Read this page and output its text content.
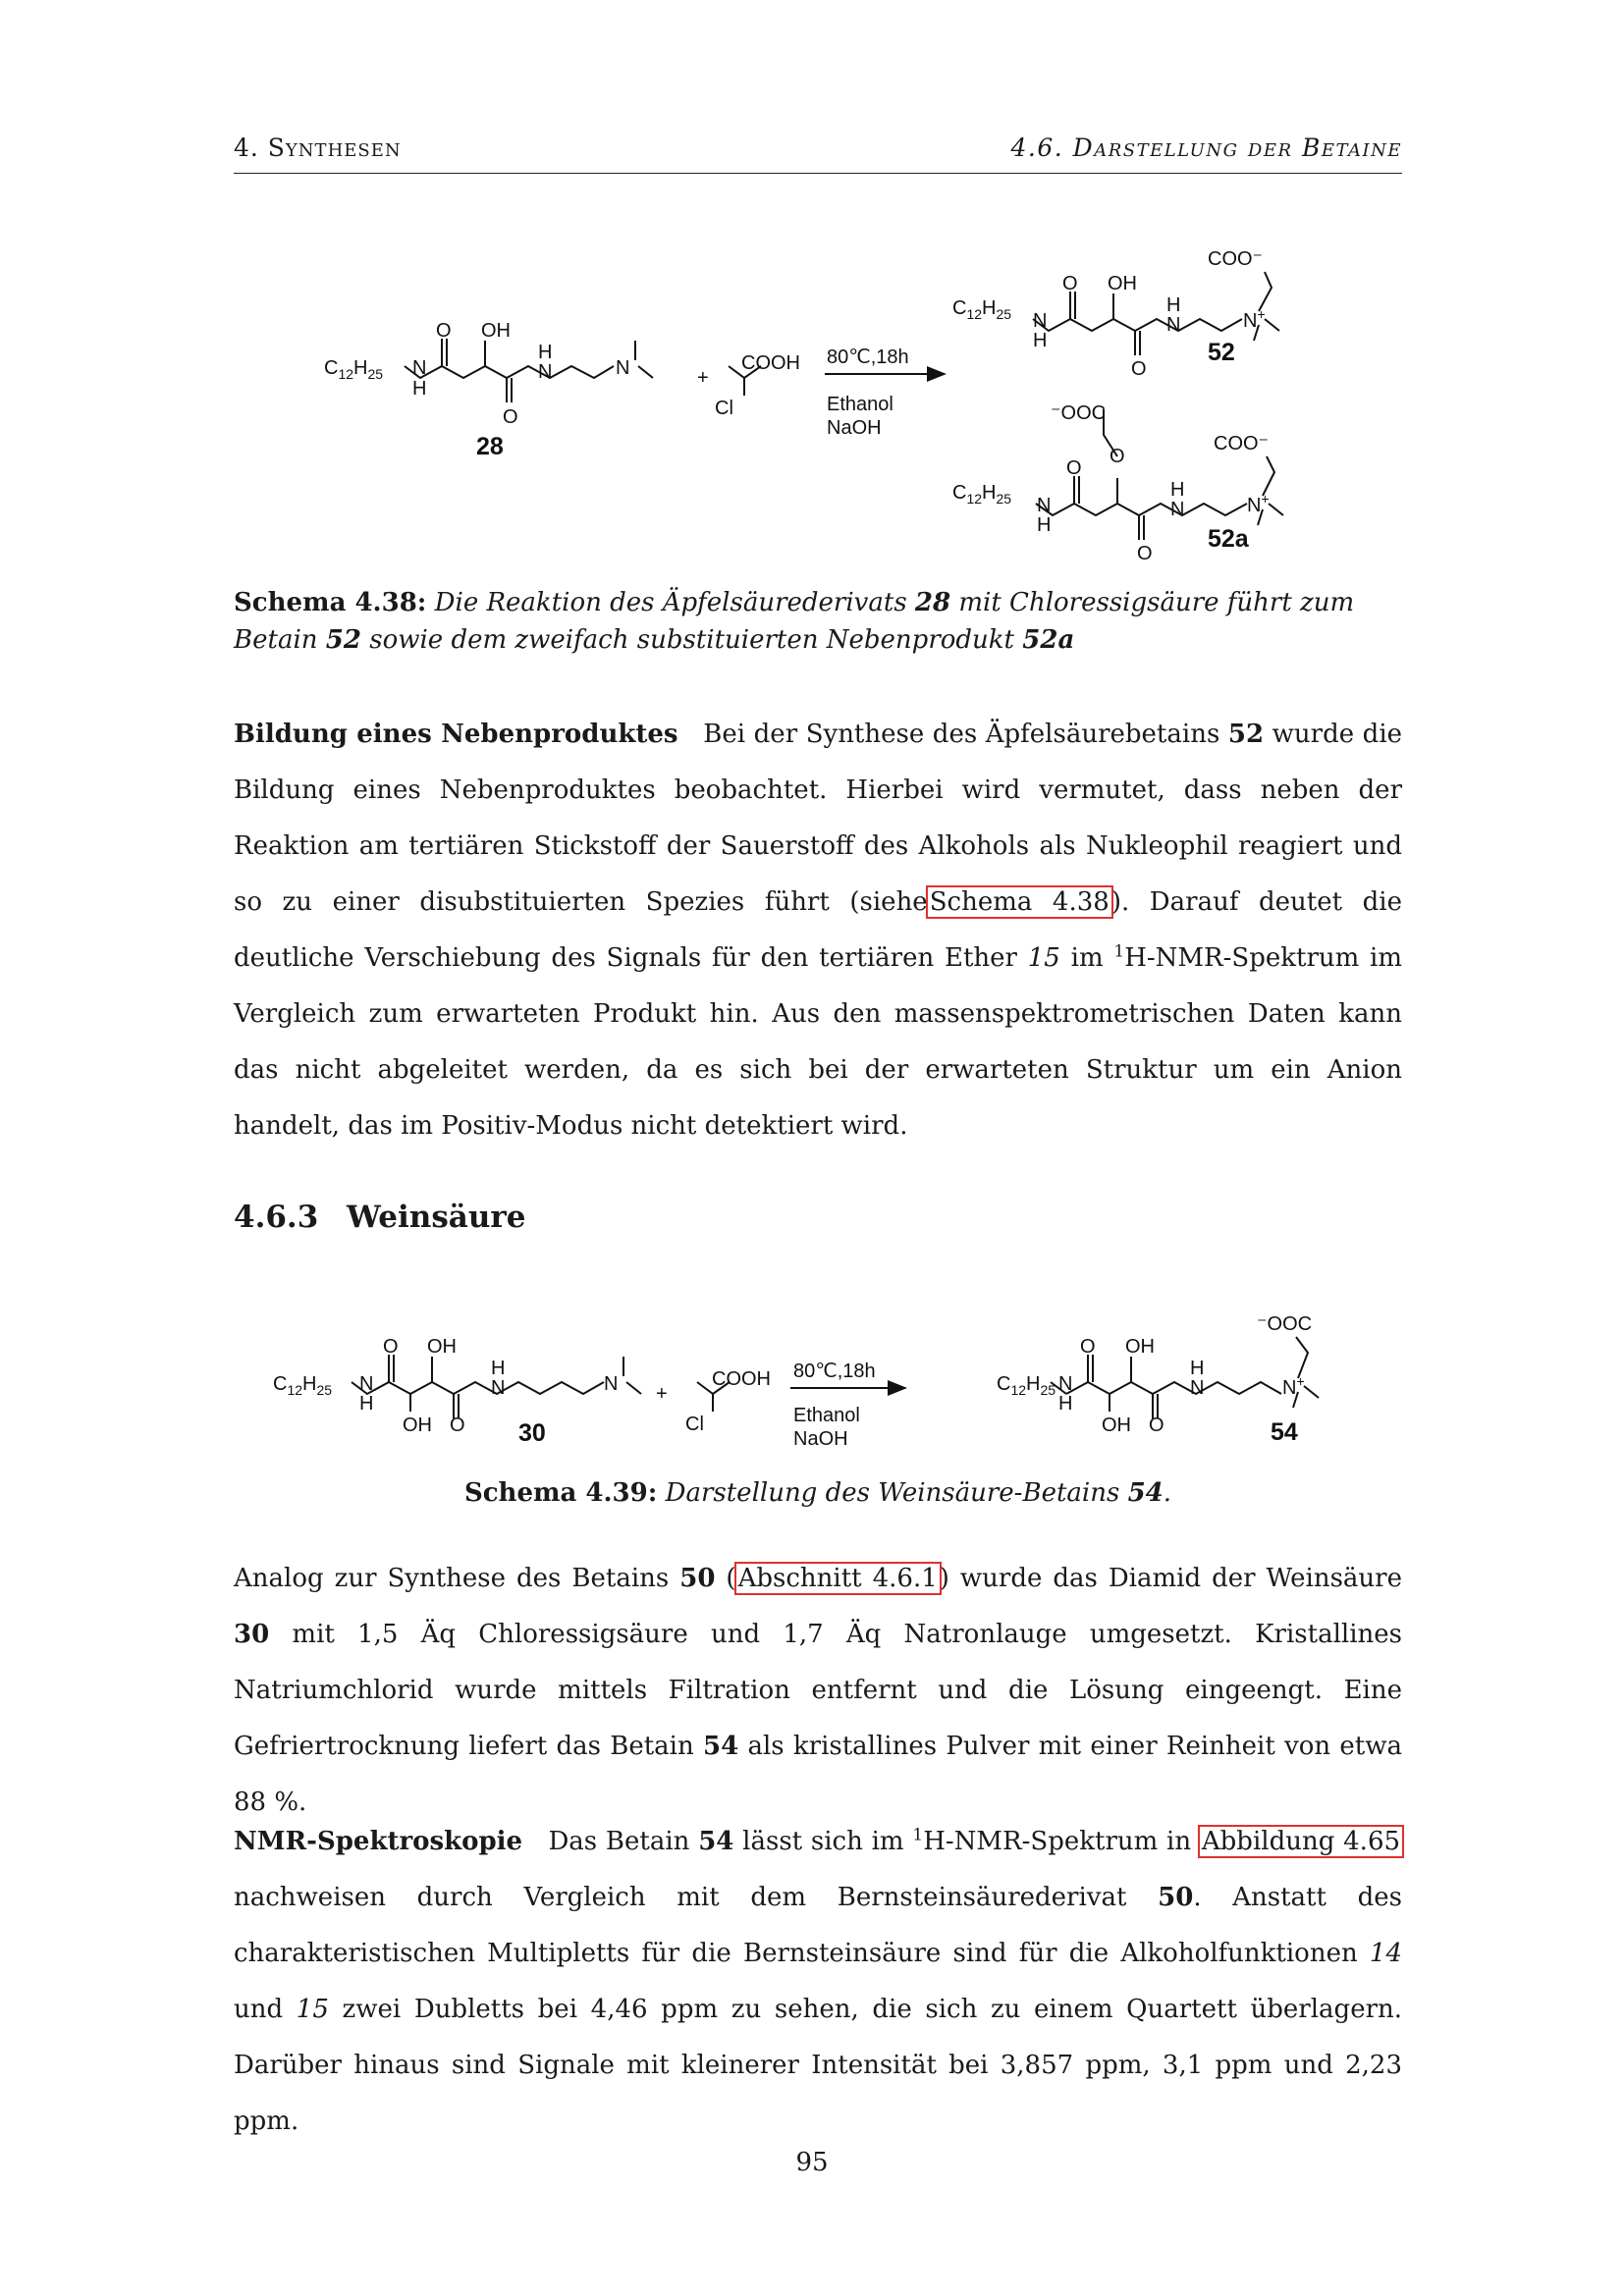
4. Synthesen	4.6. Darstellung der Betaine
$C_{12}H_{25}$ N
H
O OH
O
H
N	N	+
COOH
Cl
80℃,18h
Ethanol
NaOH
28
$C_{12}H_{25}$ N
H
O OH
O
H
N	N+
COO⁻
52
$C_{12}H_{25}$ N
H
O
O
O
H
N	N+
⁻OOC
COO⁻
52a
Schema 4.38: Die Reaktion des Äpfelsäurederivats 28 mit Chloressigsäure führt zum Betain 52 sowie dem zweifach substituierten Nebenprodukt 52a
Bildung eines Nebenproduktes Bei der Synthese des Äpfelsäurebetains 52 wurde die Bildung eines Nebenproduktes beobachtet. Hierbei wird vermutet, dass neben der Reaktion am tertiären Stickstoff der Sauerstoff des Alkohols als Nukleophil reagiert und so zu einer disubstituierten Spezies führt (sieheSchema 4.38). Darauf deutet die deutliche Verschiebung des Signals für den tertiären Ether 15 im $^1$H-NMR-Spektrum im Vergleich zum erwarteten Produkt hin. Aus den massenspektrometrischen Daten kann das nicht abgeleitet werden, da es sich bei der erwarteten Struktur um ein Anion handelt, das im Positiv-Modus nicht detektiert wird.
4.6.3 Weinsäure
$C_{12}H_{25}$ N
H
O OH
OH O
H
N	N +
COOH
Cl
80℃,18h
Ethanol
NaOH
30
$C_{12}H_{25}$
O OH
OH O
N
H
H
N	N+
⁻OOC
54
Schema 4.39: Darstellung des Weinsäure-Betains 54.
Analog zur Synthese des Betains 50 (Abschnitt 4.6.1) wurde das Diamid der Weinsäure 30 mit 1,5 Äq Chloressigsäure und 1,7 Äq Natronlauge umgesetzt. Kristallines Natriumchlorid wurde mittels Filtration entfernt und die Lösung eingeengt. Eine Gefriertrocknung liefert das Betain 54 als kristallines Pulver mit einer Reinheit von etwa 88 %.
NMR-Spektroskopie Das Betain 54 lässt sich im $^1$H-NMR-Spektrum in Abbildung 4.65 nachweisen durch Vergleich mit dem Bernsteinsäurederivat 50. Anstatt des charakteristischen Multipletts für die Bernsteinsäure sind für die Alkoholfunktionen 14 und 15 zwei Dubletts bei 4,46 ppm zu sehen, die sich zu einem Quartett überlagern. Darüber hinaus sind Signale mit kleinerer Intensität bei 3,857 ppm, 3,1 ppm und 2,23 ppm.
95
